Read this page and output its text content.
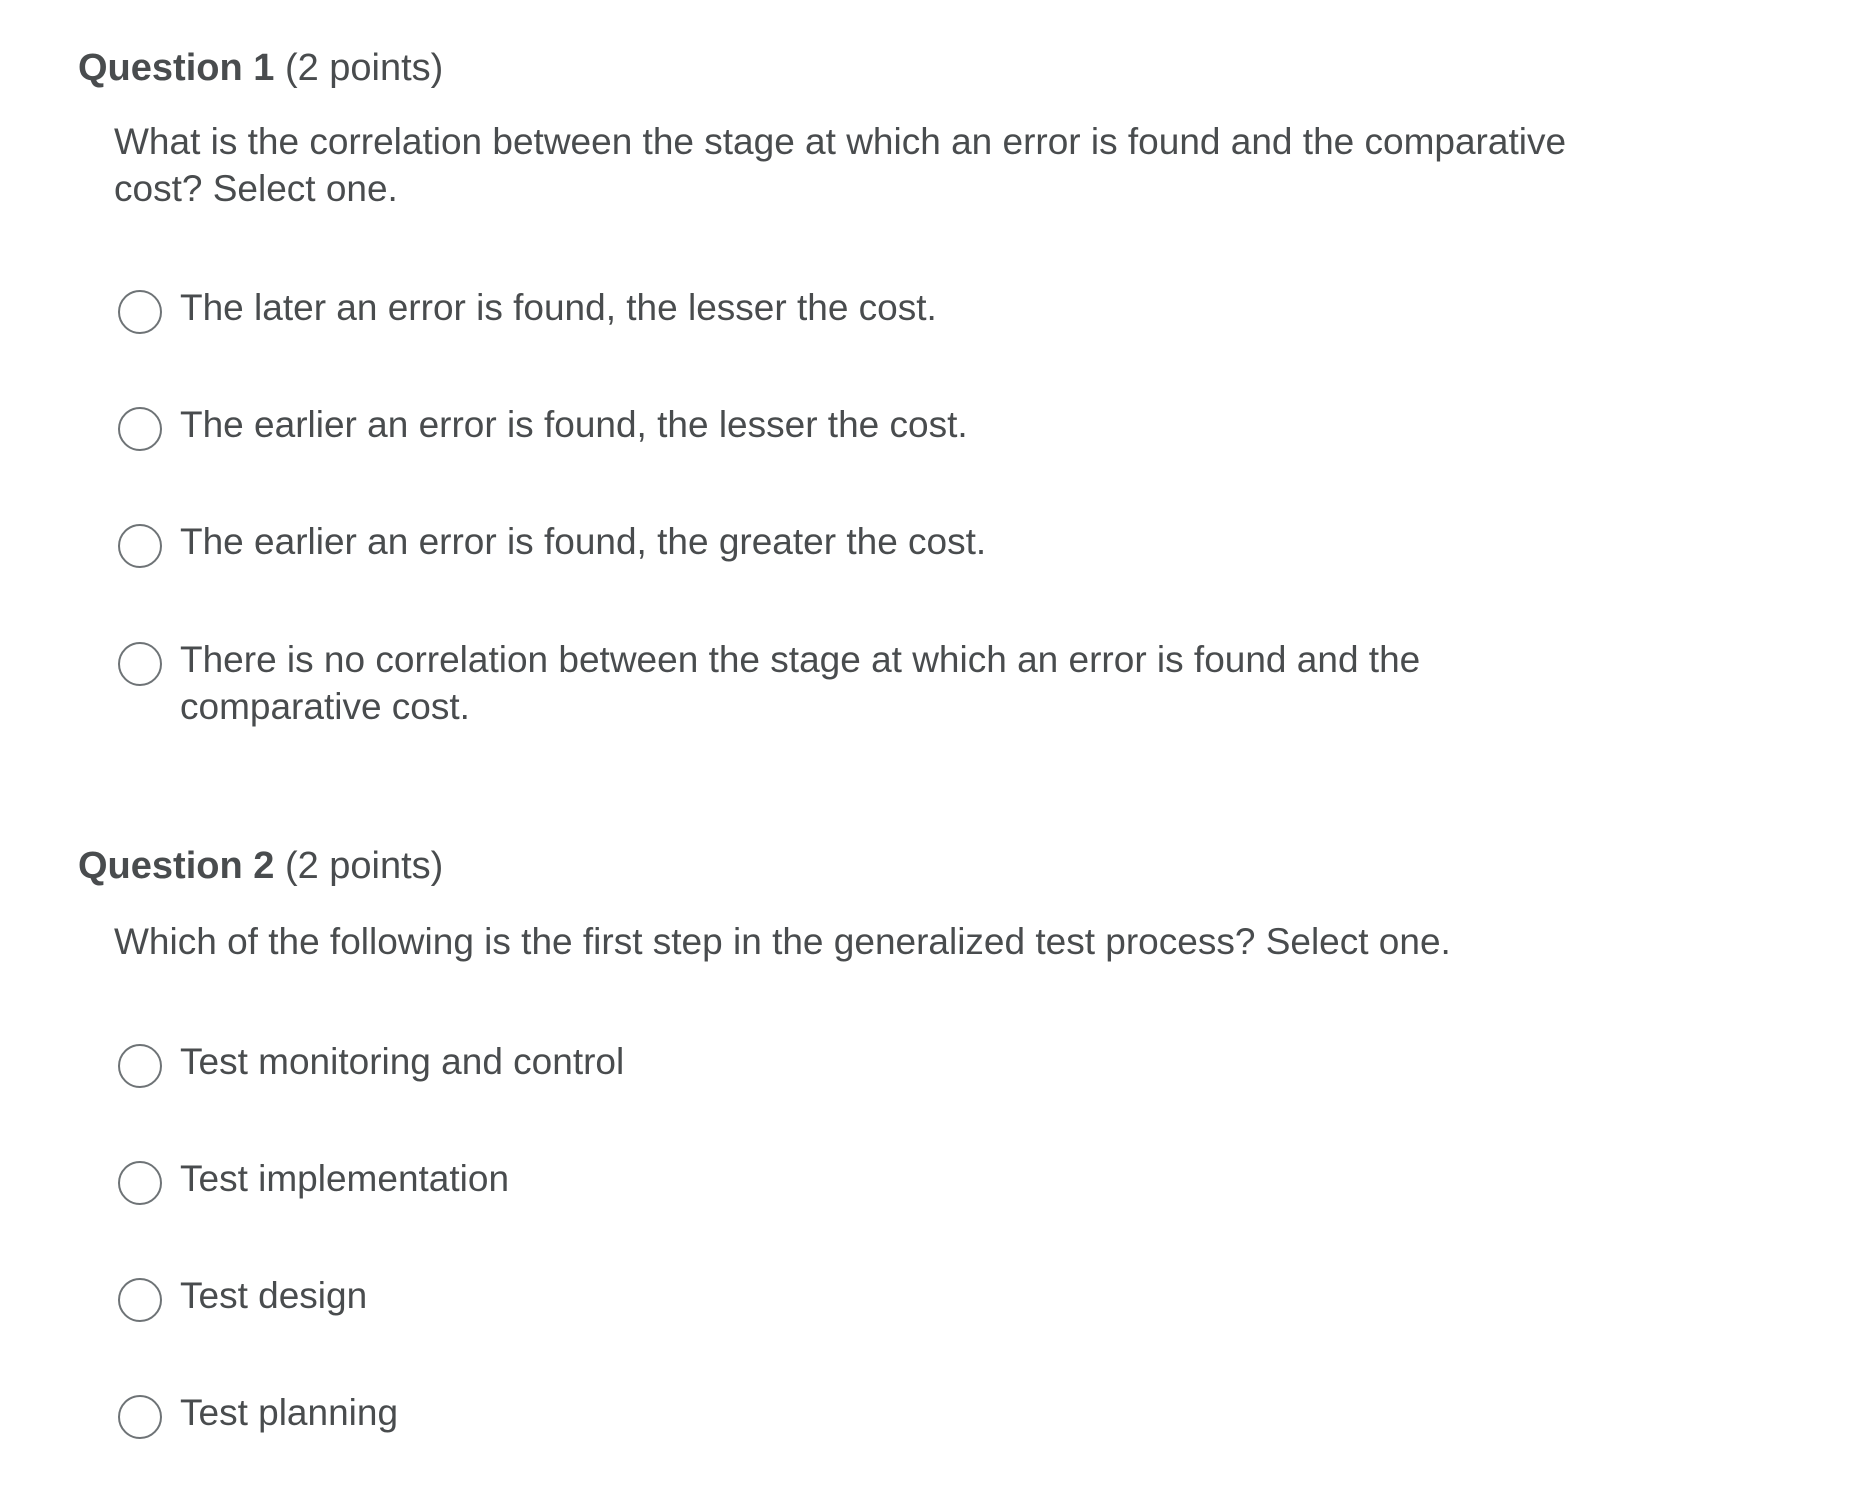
Question 1 (2 points)
What is the correlation between the stage at which an error is found and the comparative cost? Select one.
The later an error is found, the lesser the cost.
The earlier an error is found, the lesser the cost.
The earlier an error is found, the greater the cost.
There is no correlation between the stage at which an error is found and the comparative cost.
Question 2 (2 points)
Which of the following is the first step in the generalized test process? Select one.
Test monitoring and control
Test implementation
Test design
Test planning
